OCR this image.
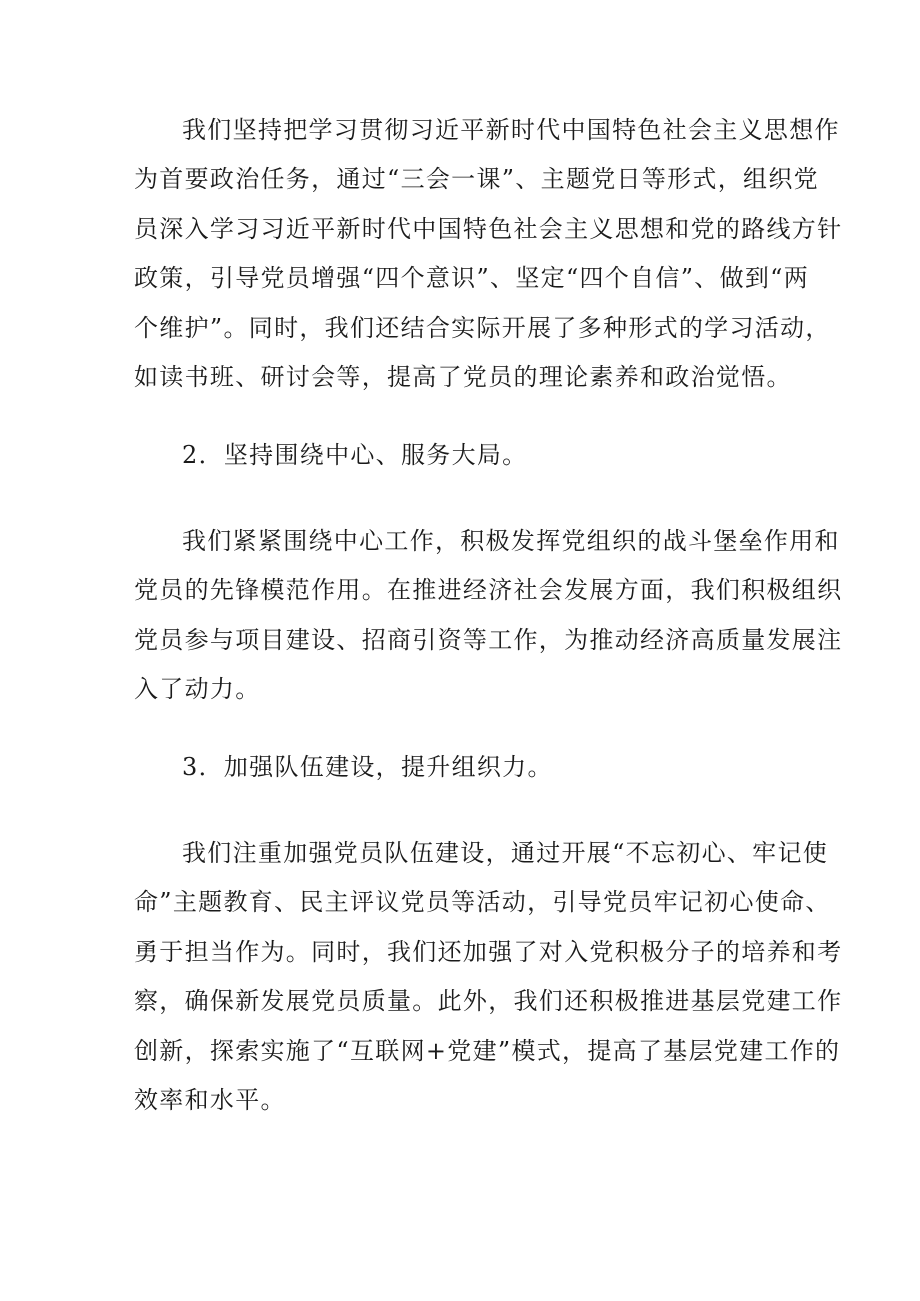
我们坚持把学习贯彻习近平新时代中国特色社会主义思想作
为首要政治任务，通过“三会一课”、主题党日等形式，组织党
员深入学习习近平新时代中国特色社会主义思想和党的路线方针
政策，引导党员增强“四个意识”、坚定“四个自信”、做到“两
个维护”。同时，我们还结合实际开展了多种形式的学习活动，
如读书班、研讨会等，提高了党员的理论素养和政治觉悟。
2．坚持围绕中心、服务大局。
我们紧紧围绕中心工作，积极发挥党组织的战斗堡垒作用和
党员的先锋模范作用。在推进经济社会发展方面，我们积极组织
党员参与项目建设、招商引资等工作，为推动经济高质量发展注
入了动力。
3．加强队伍建设，提升组织力。
我们注重加强党员队伍建设，通过开展“不忘初心、牢记使
命”主题教育、民主评议党员等活动，引导党员牢记初心使命、
勇于担当作为。同时，我们还加强了对入党积极分子的培养和考
察，确保新发展党员质量。此外，我们还积极推进基层党建工作
创新，探索实施了“互联网+党建”模式，提高了基层党建工作的
效率和水平。
